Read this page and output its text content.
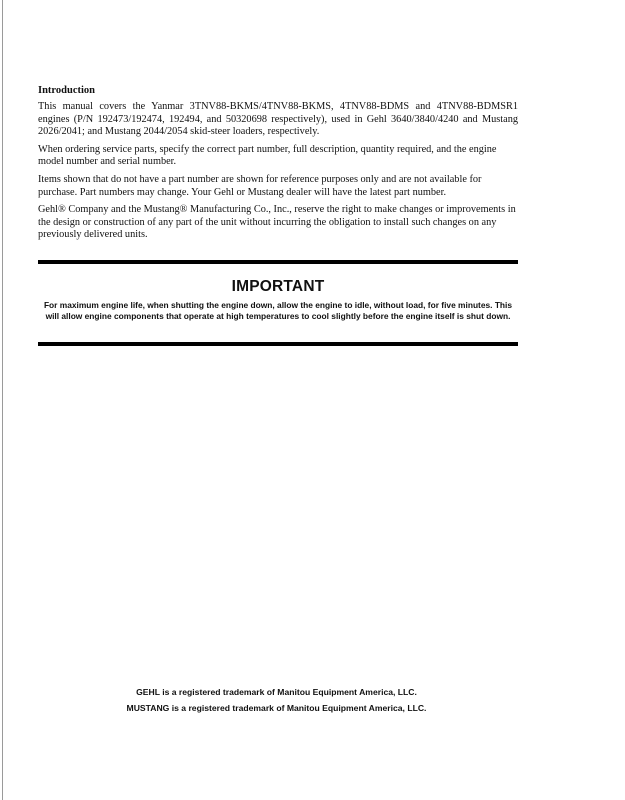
Introduction

This manual covers the Yanmar 3TNV88-BKMS/4TNV88-BKMS, 4TNV88-BDMS and 4TNV88-BDMSR1 engines (P/N 192473/192474, 192494, and 50320698 respectively), used in Gehl 3640/3840/4240 and Mustang 2026/2041; and Mustang 2044/2054 skid-steer loaders, respectively.

When ordering service parts, specify the correct part number, full description, quantity required, and the engine model number and serial number.

Items shown that do not have a part number are shown for reference purposes only and are not available for purchase. Part numbers may change. Your Gehl or Mustang dealer will have the latest part number.

Gehl® Company and the Mustang® Manufacturing Co., Inc., reserve the right to make changes or improvements in the design or construction of any part of the unit without incurring the obligation to install such changes on any previously delivered units.

IMPORTANT

For maximum engine life, when shutting the engine down, allow the engine to idle, without load, for five minutes. This will allow engine components that operate at high temperatures to cool slightly before the engine itself is shut down.

GEHL is a registered trademark of Manitou Equipment America, LLC.
MUSTANG is a registered trademark of Manitou Equipment America, LLC.
